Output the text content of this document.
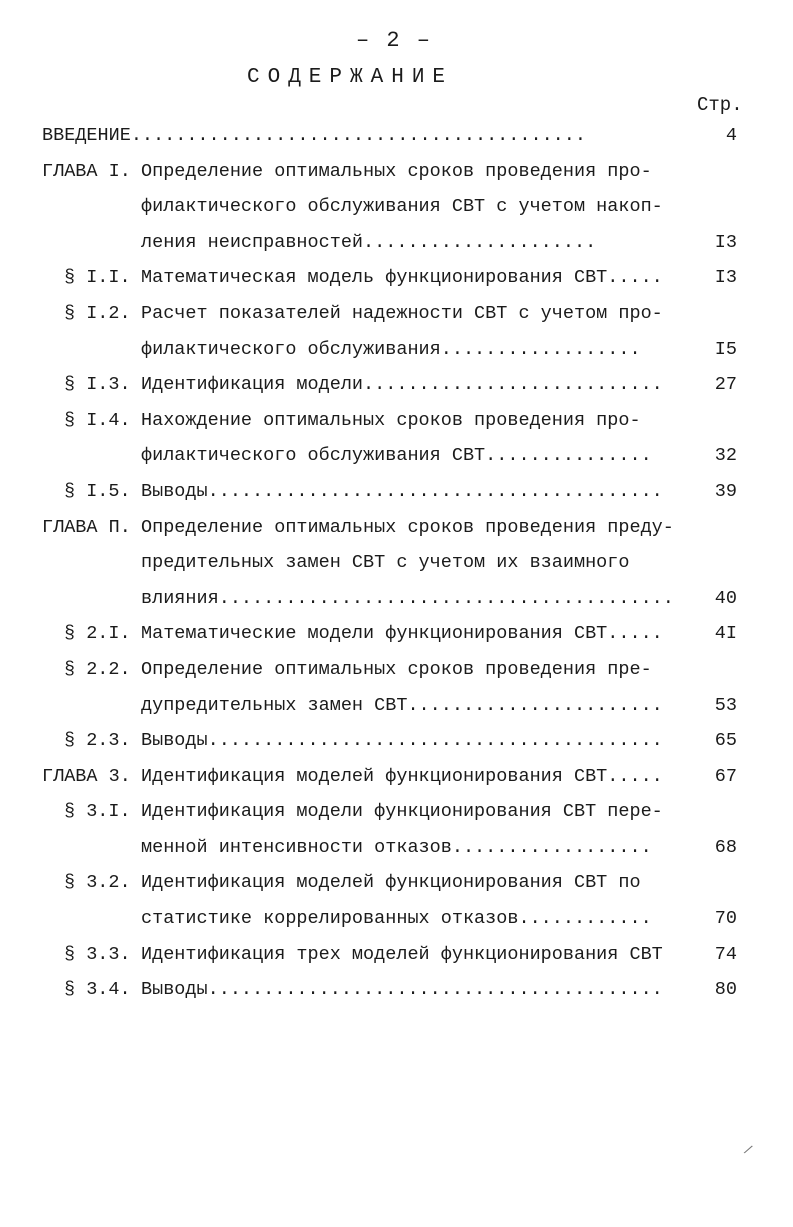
– 2 –
СОДЕРЖАНИЕ
Стр.
ВВЕДЕНИЕ.........................................	4
ГЛАВА I. Определение оптимальных сроков проведения про-
филактического обслуживания СВТ с учетом накоп-
ления неисправностей.....................	I3
§ I.I. Математическая модель функционирования СВТ.....	I3
§ I.2. Расчет показателей надежности СВТ с учетом про-
филактического обслуживания..................	I5
§ I.3. Идентификация модели...........................	27
§ I.4. Нахождение оптимальных сроков проведения про-
филактического обслуживания СВТ...............	32
§ I.5. Выводы.........................................	39
ГЛАВА П. Определение оптимальных сроков проведения преду-
предительных замен СВТ с учетом их взаимного
влияния.........................................	40
§ 2.I. Математические модели функционирования СВТ.....	4I
§ 2.2. Определение оптимальных сроков проведения пре-
дупредительных замен СВТ.......................	53
§ 2.3. Выводы.........................................	65
ГЛАВА 3. Идентификация моделей функционирования СВТ.....	67
§ 3.I. Идентификация модели функционирования СВТ пере-
менной интенсивности отказов..................	68
§ 3.2. Идентификация моделей функционирования СВТ по
статистике коррелированных отказов............	70
§ 3.3. Идентификация трех моделей функционирования СВТ	74
§ 3.4. Выводы.........................................	80
/
